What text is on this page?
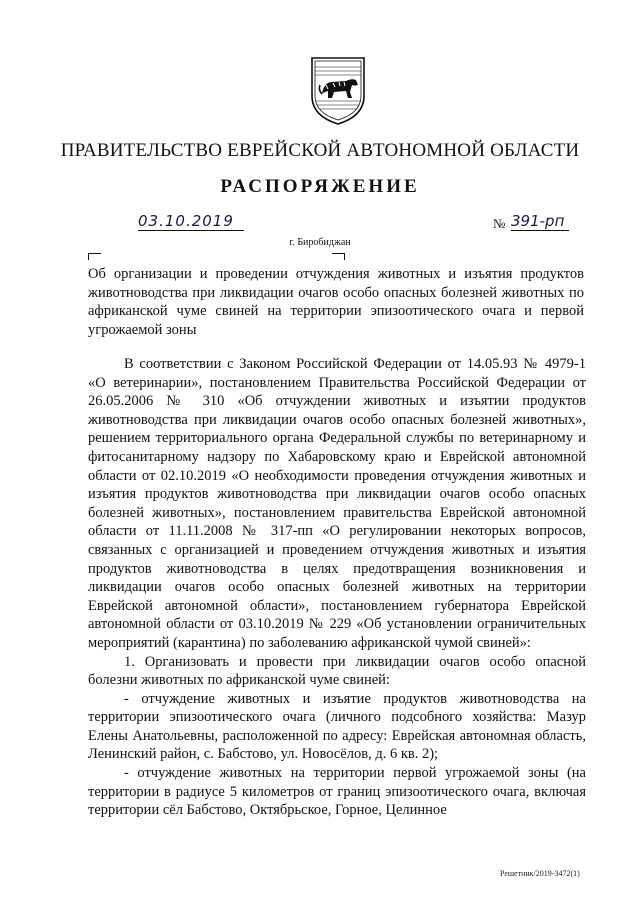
ПРАВИТЕЛЬСТВО ЕВРЕЙСКОЙ АВТОНОМНОЙ ОБЛАСТИ
РАСПОРЯЖЕНИЕ
03.10.2019	№ 391-рп
г. Биробиджан
Об организации и проведении отчуждения животных и изъятия продуктов животноводства при ликвидации очагов особо опасных болезней животных по африканской чуме свиней на территории эпизоотического очага и первой угрожаемой зоны

В соответствии с Законом Российской Федерации от 14.05.93 № 4979-1 «О ветеринарии», постановлением Правительства Российской Федерации от 26.05.2006 № 310 «Об отчуждении животных и изъятии продуктов животноводства при ликвидации очагов особо опасных болезней животных», решением территориального органа Федеральной службы по ветеринарному и фитосанитарному надзору по Хабаровскому краю и Еврейской автономной области от 02.10.2019 «О необходимости проведения отчуждения животных и изъятия продуктов животноводства при ликвидации очагов особо опасных болезней животных», постановлением правительства Еврейской автономной области от 11.11.2008 № 317-пп «О регулировании некоторых вопросов, связанных с организацией и проведением отчуждения животных и изъятия продуктов животноводства в целях предотвращения возникновения и ликвидации очагов особо опасных болезней животных на территории Еврейской автономной области», постановлением губернатора Еврейской автономной области от 03.10.2019 № 229 «Об установлении ограничительных мероприятий (карантина) по заболеванию африканской чумой свиней»:

1. Организовать и провести при ликвидации очагов особо опасной болезни животных по африканской чуме свиней:

- отчуждение животных и изъятие продуктов животноводства на территории эпизоотического очага (личного подсобного хозяйства: Мазур Елены Анатольевны, расположенной по адресу: Еврейская автономная область, Ленинский район, с. Бабстово, ул. Новосёлов, д. 6 кв. 2);

- отчуждение животных на территории первой угрожаемой зоны (на территории в радиусе 5 километров от границ эпизоотического очага, включая территории сёл Бабстово, Октябрьское, Горное, Целинное

Решетник/2019-3472(1)
